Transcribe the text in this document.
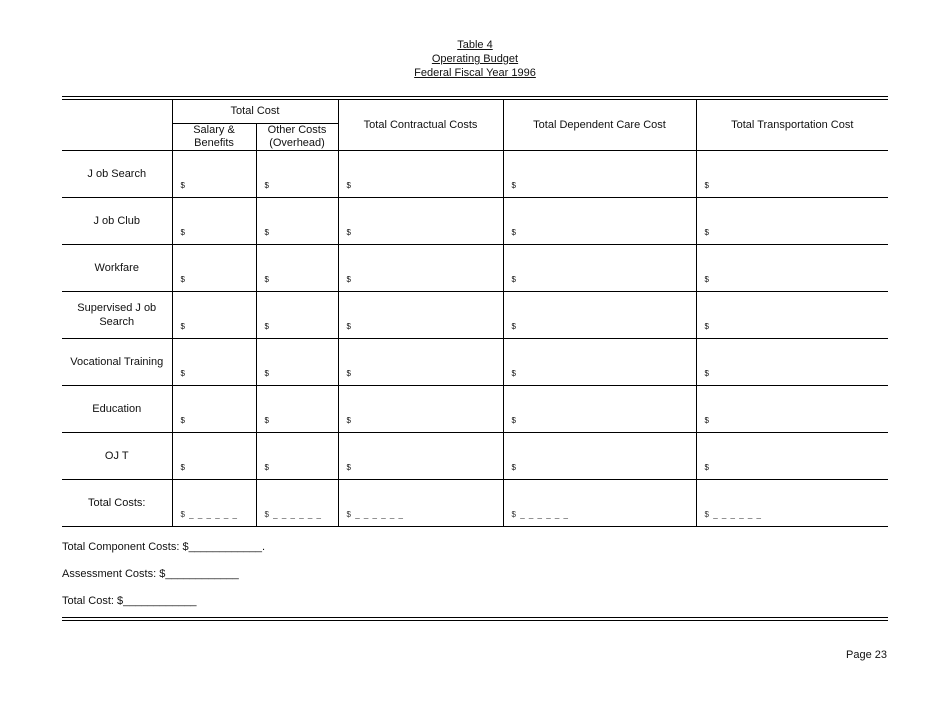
Table 4
Operating Budget
Federal Fiscal Year 1996
	Total Cost		Total Contractual Costs	Total Dependent Care Cost	Total Transportation Cost
	Salary & Benefits	Other Costs (Overhead)			
J ob Search	$	$	$	$	$
J ob Club	$	$	$	$	$
Workfare	$	$	$	$	$
Supervised J ob Search	$	$	$	$	$
Vocational Training	$	$	$	$	$
Education	$	$	$	$	$
OJ T	$	$	$	$	$
Total Costs:	$ _ _ _ _ _ _	$ _ _ _ _ _ _	$ _ _ _ _ _ _	$ _ _ _ _ _ _	$ _ _ _ _ _ _
Total Component Costs: $____________.
Assessment Costs: $____________
Total Cost: $____________
Page 23
